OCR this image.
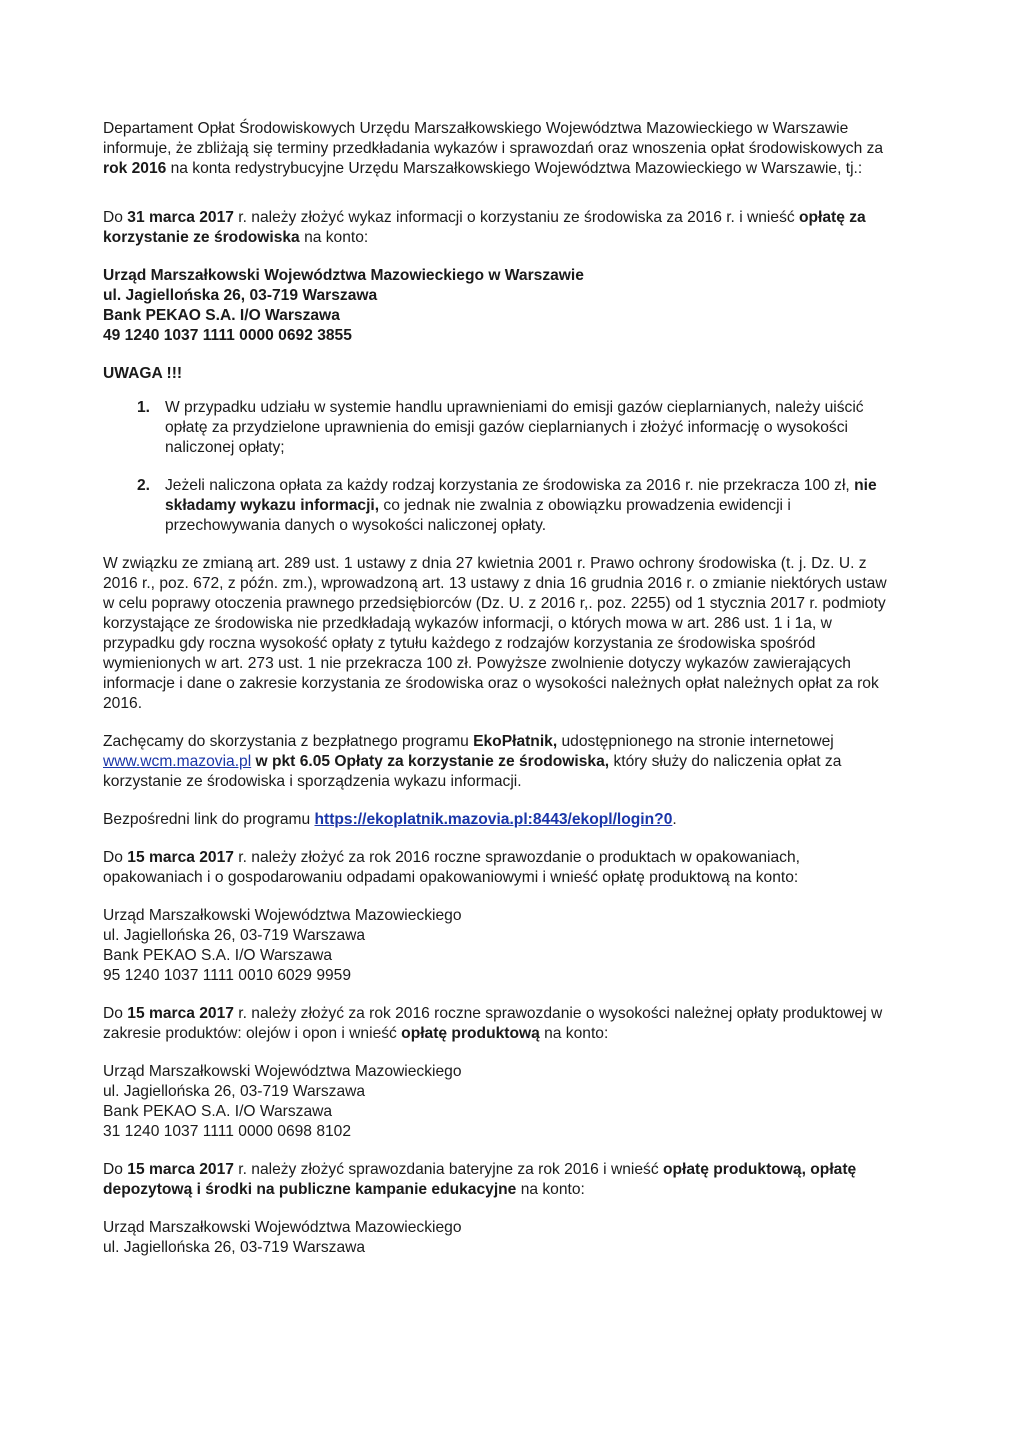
Departament Opłat Środowiskowych Urzędu Marszałkowskiego Województwa Mazowieckiego w Warszawie informuje, że zbliżają się terminy przedkładania wykazów i sprawozdań oraz wnoszenia opłat środowiskowych za rok 2016 na konta redystrybucyjne Urzędu Marszałkowskiego Województwa Mazowieckiego w Warszawie, tj.:

Do 31 marca 2017 r. należy złożyć wykaz informacji o korzystaniu ze środowiska za 2016 r. i wnieść opłatę za korzystanie ze środowiska na konto:

Urząd Marszałkowski Województwa Mazowieckiego w Warszawie
ul. Jagiellońska 26, 03-719 Warszawa
Bank PEKAO S.A. I/O Warszawa
49 1240 1037 1111 0000 0692 3855
UWAGA !!!
1. W przypadku udziału w systemie handlu uprawnieniami do emisji gazów cieplarnianych, należy uiścić opłatę za przydzielone uprawnienia do emisji gazów cieplarnianych i złożyć informację o wysokości naliczonej opłaty;
2. Jeżeli naliczona opłata za każdy rodzaj korzystania ze środowiska za 2016 r. nie przekracza 100 zł, nie składamy wykazu informacji, co jednak nie zwalnia z obowiązku prowadzenia ewidencji i przechowywania danych o wysokości naliczonej opłaty.

W związku ze zmianą art. 289 ust. 1 ustawy z dnia 27 kwietnia 2001 r. Prawo ochrony środowiska (t. j. Dz. U. z 2016 r., poz. 672, z późn. zm.), wprowadzoną art. 13 ustawy z dnia 16 grudnia 2016 r. o zmianie niektórych ustaw w celu poprawy otoczenia prawnego przedsiębiorców (Dz. U. z 2016 r,. poz. 2255) od 1 stycznia 2017 r. podmioty korzystające ze środowiska nie przedkładają wykazów informacji, o których mowa w art. 286 ust. 1 i 1a, w przypadku gdy roczna wysokość opłaty z tytułu każdego z rodzajów korzystania ze środowiska spośród wymienionych w art. 273 ust. 1 nie przekracza 100 zł. Powyższe zwolnienie dotyczy wykazów zawierających informacje i dane o zakresie korzystania ze środowiska oraz o wysokości należnych opłat należnych opłat za rok 2016.

Zachęcamy do skorzystania z bezpłatnego programu EkoPłatnik, udostępnionego na stronie internetowej www.wcm.mazovia.pl w pkt 6.05 Opłaty za korzystanie ze środowiska, który służy do naliczenia opłat za korzystanie ze środowiska i sporządzenia wykazu informacji.

Bezpośredni link do programu https://ekoplatnik.mazovia.pl:8443/ekopl/login?0.

Do 15 marca 2017 r. należy złożyć za rok 2016 roczne sprawozdanie o produktach w opakowaniach, opakowaniach i o gospodarowaniu odpadami opakowaniowymi i wnieść opłatę produktową na konto:

Urząd Marszałkowski Województwa Mazowieckiego
ul. Jagiellońska 26, 03-719 Warszawa
Bank PEKAO S.A. I/O Warszawa
95 1240 1037 1111 0010 6029 9959

Do 15 marca 2017 r. należy złożyć za rok 2016 roczne sprawozdanie o wysokości należnej opłaty produktowej w zakresie produktów: olejów i opon i wnieść opłatę produktową na konto:

Urząd Marszałkowski Województwa Mazowieckiego
ul. Jagiellońska 26, 03-719 Warszawa
Bank PEKAO S.A. I/O Warszawa
31 1240 1037 1111 0000 0698 8102

Do 15 marca 2017 r. należy złożyć sprawozdania bateryjne za rok 2016 i wnieść opłatę produktową, opłatę depozytową i środki na publiczne kampanie edukacyjne na konto:

Urząd Marszałkowski Województwa Mazowieckiego
ul. Jagiellońska 26, 03-719 Warszawa
